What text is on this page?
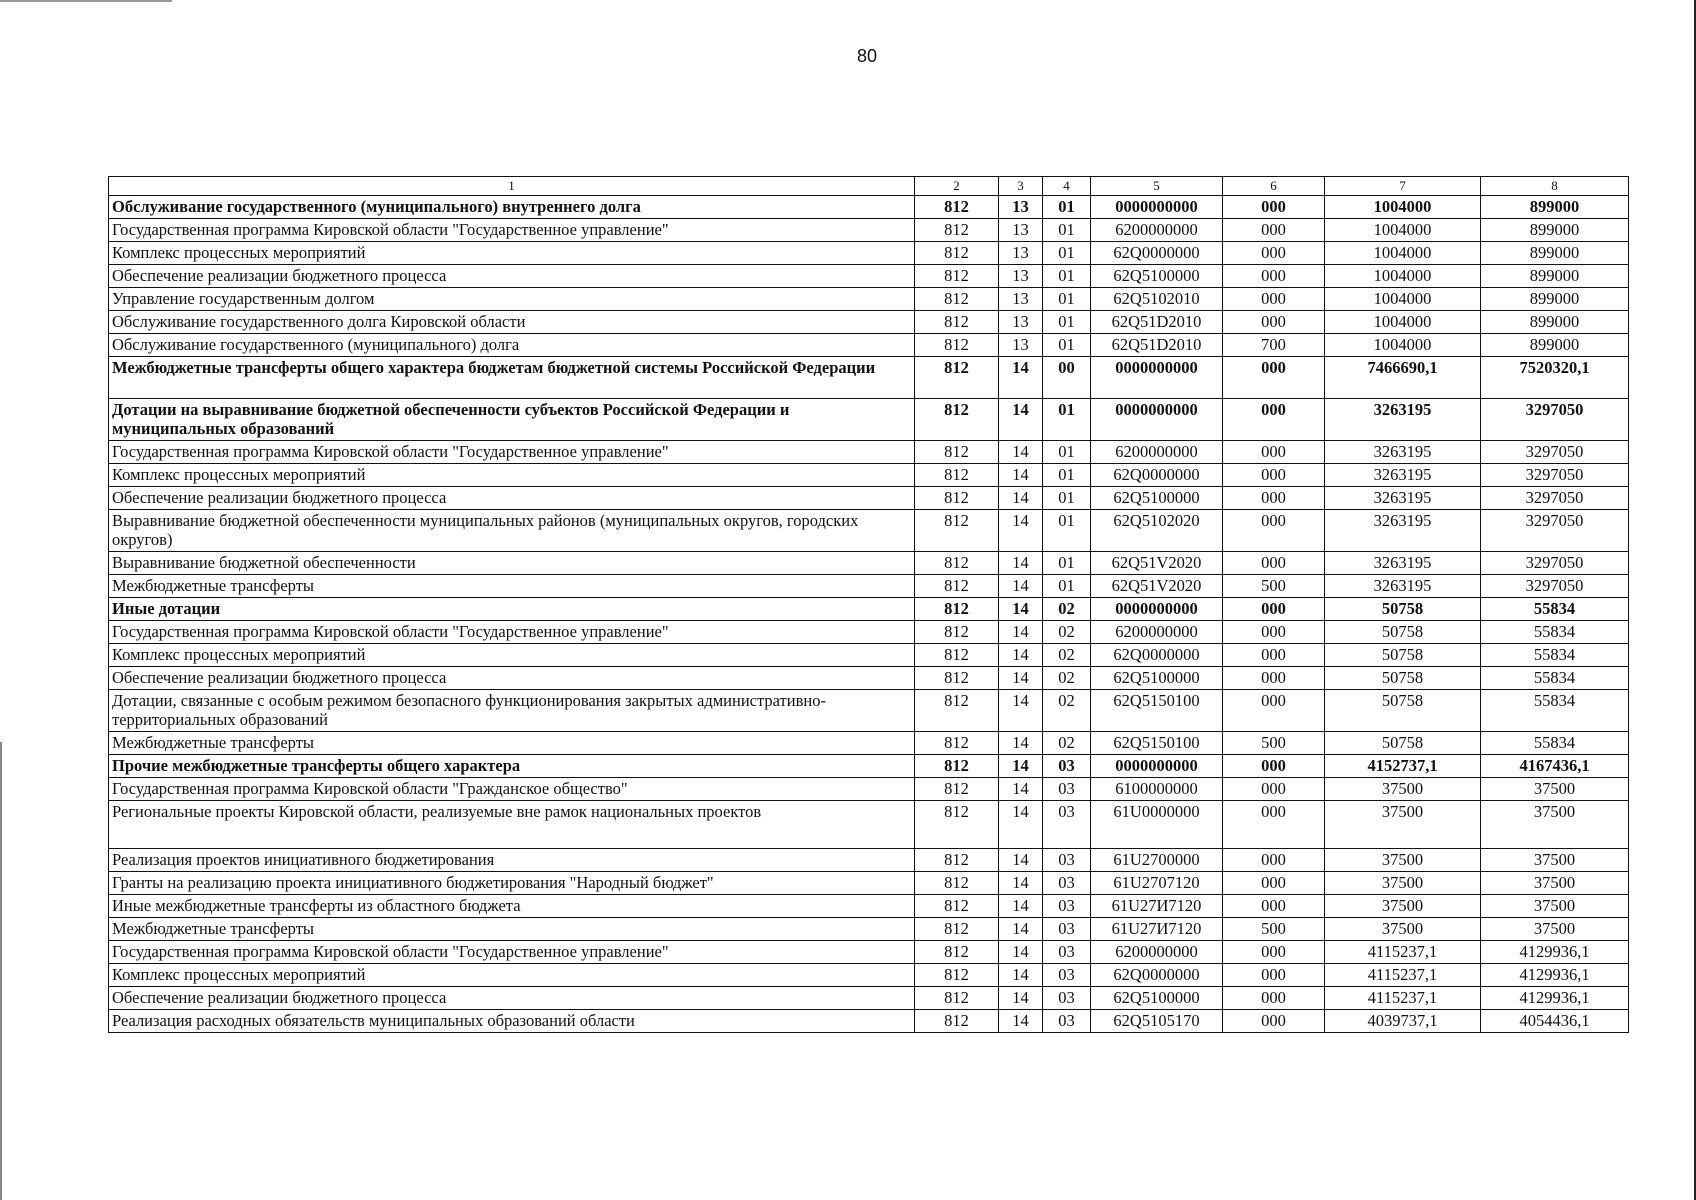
80
1	2	3	4	5	6	7	8
Обслуживание государственного (муниципального) внутреннего долга	812	13	01	0000000000	000	1004000	899000
Государственная программа Кировской области "Государственное управление"	812	13	01	6200000000	000	1004000	899000
Комплекс процессных мероприятий	812	13	01	62Q0000000	000	1004000	899000
Обеспечение реализации бюджетного процесса	812	13	01	62Q5100000	000	1004000	899000
Управление государственным долгом	812	13	01	62Q5102010	000	1004000	899000
Обслуживание государственного долга Кировской области	812	13	01	62Q51D2010	000	1004000	899000
Обслуживание государственного (муниципального) долга	812	13	01	62Q51D2010	700	1004000	899000
Межбюджетные трансферты общего характера бюджетам бюджетной системы Российской Федерации	812	14	00	0000000000	000	7466690,1	7520320,1
Дотации на выравнивание бюджетной обеспеченности субъектов Российской Федерации и муниципальных образований	812	14	01	0000000000	000	3263195	3297050
Государственная программа Кировской области "Государственное управление"	812	14	01	6200000000	000	3263195	3297050
Комплекс процессных мероприятий	812	14	01	62Q0000000	000	3263195	3297050
Обеспечение реализации бюджетного процесса	812	14	01	62Q5100000	000	3263195	3297050
Выравнивание бюджетной обеспеченности муниципальных районов (муниципальных округов, городских округов)	812	14	01	62Q5102020	000	3263195	3297050
Выравнивание бюджетной обеспеченности	812	14	01	62Q51V2020	000	3263195	3297050
Межбюджетные трансферты	812	14	01	62Q51V2020	500	3263195	3297050
Иные дотации	812	14	02	0000000000	000	50758	55834
Государственная программа Кировской области "Государственное управление"	812	14	02	6200000000	000	50758	55834
Комплекс процессных мероприятий	812	14	02	62Q0000000	000	50758	55834
Обеспечение реализации бюджетного процесса	812	14	02	62Q5100000	000	50758	55834
Дотации, связанные с особым режимом безопасного функционирования закрытых административно-территориальных образований	812	14	02	62Q5150100	000	50758	55834
Межбюджетные трансферты	812	14	02	62Q5150100	500	50758	55834
Прочие межбюджетные трансферты общего характера	812	14	03	0000000000	000	4152737,1	4167436,1
Государственная программа Кировской области "Гражданское общество"	812	14	03	6100000000	000	37500	37500
Региональные проекты Кировской области, реализуемые вне рамок национальных проектов	812	14	03	61U0000000	000	37500	37500
Реализация проектов инициативного бюджетирования	812	14	03	61U2700000	000	37500	37500
Гранты на реализацию проекта инициативного бюджетирования "Народный бюджет"	812	14	03	61U2707120	000	37500	37500
Иные межбюджетные трансферты из областного бюджета	812	14	03	61U27И7120	000	37500	37500
Межбюджетные трансферты	812	14	03	61U27И7120	500	37500	37500
Государственная программа Кировской области "Государственное управление"	812	14	03	6200000000	000	4115237,1	4129936,1
Комплекс процессных мероприятий	812	14	03	62Q0000000	000	4115237,1	4129936,1
Обеспечение реализации бюджетного процесса	812	14	03	62Q5100000	000	4115237,1	4129936,1
Реализация расходных обязательств муниципальных образований области	812	14	03	62Q5105170	000	4039737,1	4054436,1
